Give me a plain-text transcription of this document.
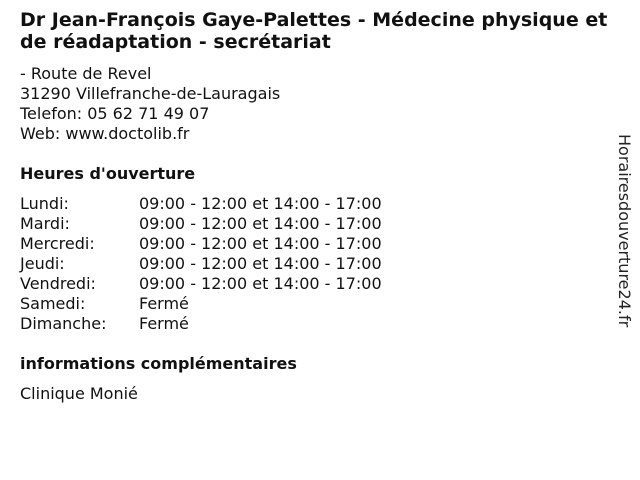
Dr Jean-François Gaye-Palettes - Médecine physique et de réadaptation - secrétariat
- Route de Revel
31290 Villefranche-de-Lauragais
Telefon: 05 62 71 49 07
Web: www.doctolib.fr
Heures d'ouverture
Lundi:	09:00 - 12:00 et 14:00 - 17:00
Mardi:	09:00 - 12:00 et 14:00 - 17:00
Mercredi:	09:00 - 12:00 et 14:00 - 17:00
Jeudi:	09:00 - 12:00 et 14:00 - 17:00
Vendredi:	09:00 - 12:00 et 14:00 - 17:00
Samedi:	Fermé
Dimanche: Fermé
informations complémentaires
Clinique Monié
Horairesdouverture24.fr
